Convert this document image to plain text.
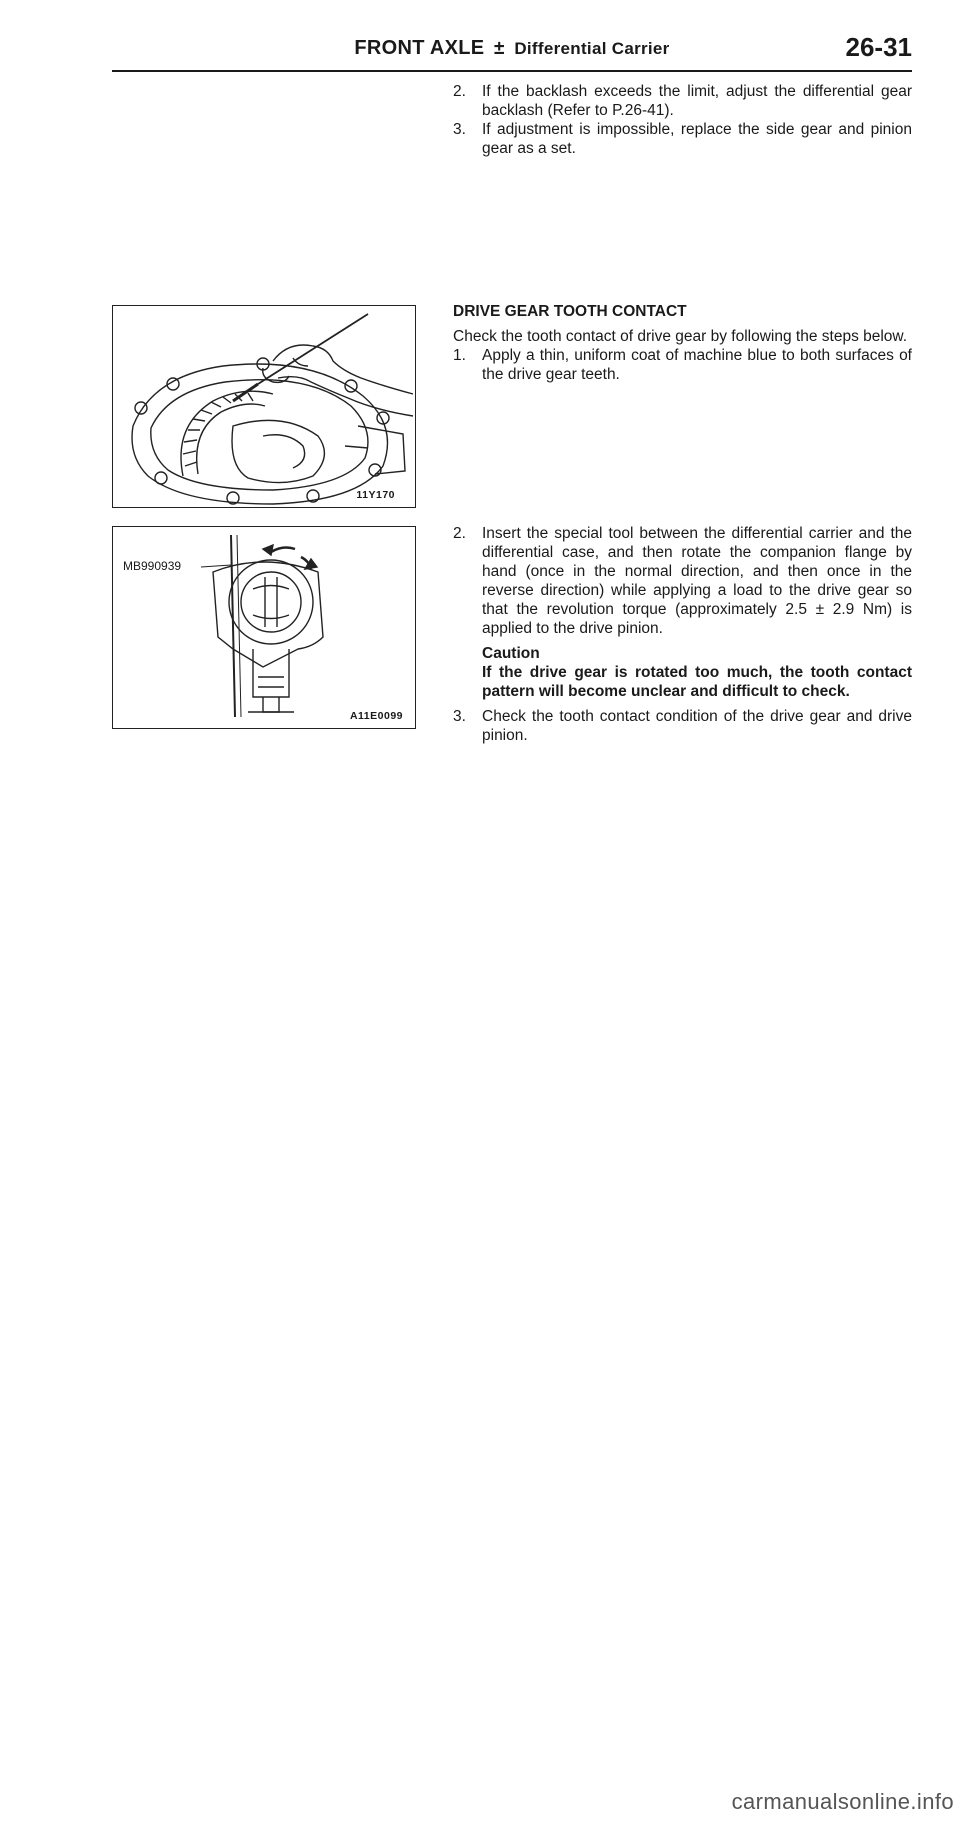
FRONT AXLE ± Differential Carrier	26-31
2. If the backlash exceeds the limit, adjust the differential gear backlash (Refer to P.26-41).
3. If adjustment is impossible, replace the side gear and pinion gear as a set.
DRIVE GEAR TOOTH CONTACT
Check the tooth contact of drive gear by following the steps below.
1. Apply a thin, uniform coat of machine blue to both surfaces of the drive gear teeth.
2. Insert the special tool between the differential carrier and the differential case, and then rotate the companion flange by hand (once in the normal direction, and then once in the reverse direction) while applying a load to the drive gear so that the revolution torque (approximately 2.5 ± 2.9 Nm) is applied to the drive pinion.
Caution
If the drive gear is rotated too much, the tooth contact pattern will become unclear and difficult to check.
3. Check the tooth contact condition of the drive gear and drive pinion.
11Y170
MB990939
A11E0099
carmanualsonline.info
